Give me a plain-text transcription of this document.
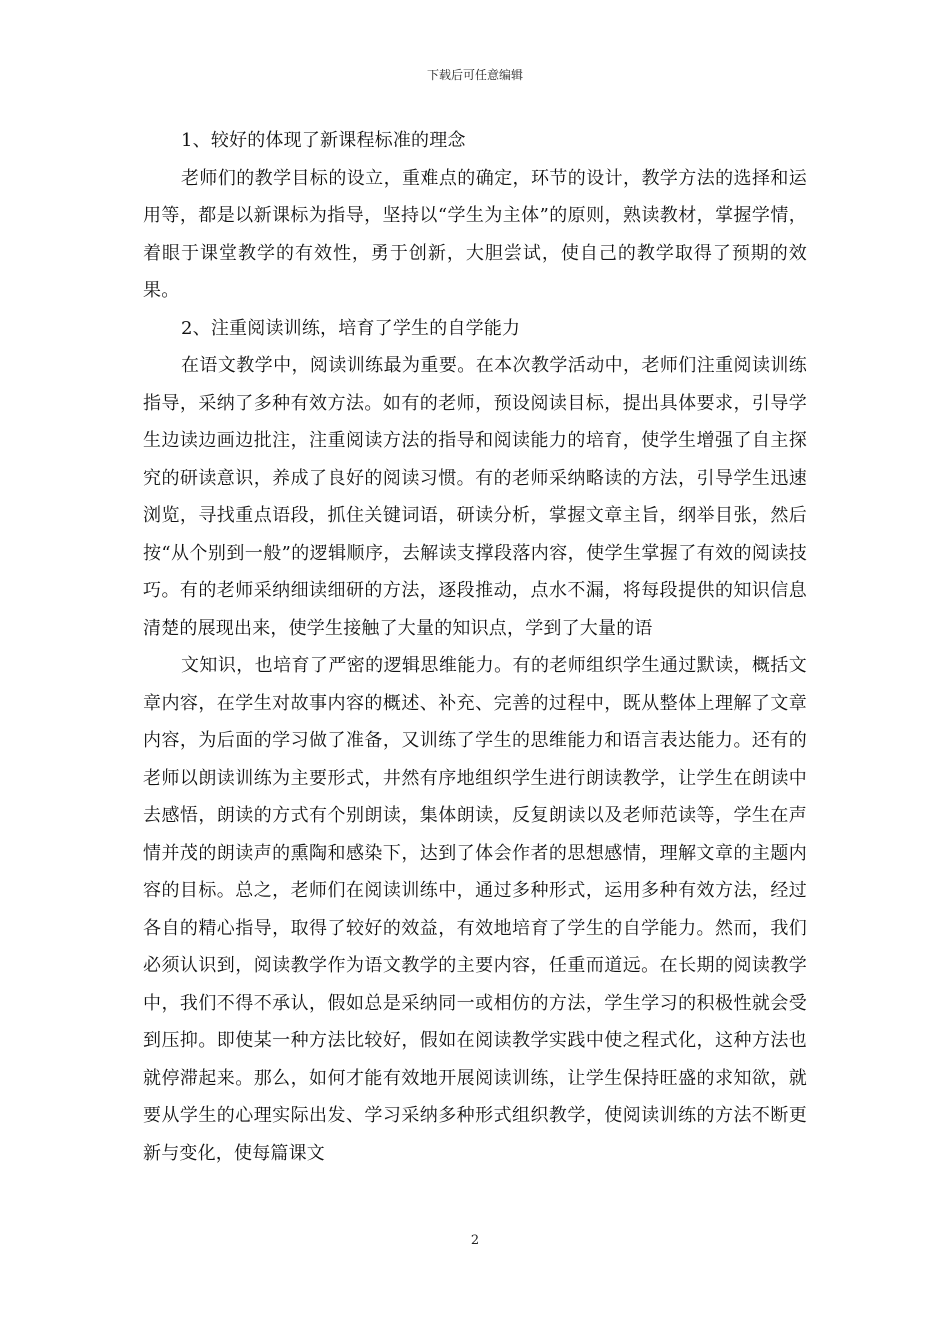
下载后可任意编辑

1、较好的体现了新课程标准的理念

老师们的教学目标的设立，重难点的确定，环节的设计，教学方法的选择和运用等，都是以新课标为指导，坚持以“学生为主体”的原则，熟读教材，掌握学情，着眼于课堂教学的有效性，勇于创新，大胆尝试，使自己的教学取得了预期的效果。

2、注重阅读训练，培育了学生的自学能力

在语文教学中，阅读训练最为重要。在本次教学活动中，老师们注重阅读训练指导，采纳了多种有效方法。如有的老师，预设阅读目标，提出具体要求，引导学生边读边画边批注，注重阅读方法的指导和阅读能力的培育，使学生增强了自主探究的研读意识，养成了良好的阅读习惯。有的老师采纳略读的方法，引导学生迅速浏览，寻找重点语段，抓住关键词语，研读分析，掌握文章主旨，纲举目张，然后按“从个别到一般”的逻辑顺序，去解读支撑段落内容，使学生掌握了有效的阅读技巧。有的老师采纳细读细研的方法，逐段推动，点水不漏，将每段提供的知识信息清楚的展现出来，使学生接触了大量的知识点，学到了大量的语

文知识，也培育了严密的逻辑思维能力。有的老师组织学生通过默读，概括文章内容，在学生对故事内容的概述、补充、完善的过程中，既从整体上理解了文章内容，为后面的学习做了准备，又训练了学生的思维能力和语言表达能力。还有的老师以朗读训练为主要形式，井然有序地组织学生进行朗读教学，让学生在朗读中去感悟，朗读的方式有个别朗读，集体朗读，反复朗读以及老师范读等，学生在声情并茂的朗读声的熏陶和感染下，达到了体会作者的思想感情，理解文章的主题内容的目标。总之，老师们在阅读训练中，通过多种形式，运用多种有效方法，经过各自的精心指导，取得了较好的效益，有效地培育了学生的自学能力。然而，我们必须认识到，阅读教学作为语文教学的主要内容，任重而道远。在长期的阅读教学中，我们不得不承认，假如总是采纳同一或相仿的方法，学生学习的积极性就会受到压抑。即使某一种方法比较好，假如在阅读教学实践中使之程式化，这种方法也就停滞起来。那么，如何才能有效地开展阅读训练，让学生保持旺盛的求知欲，就要从学生的心理实际出发、学习采纳多种形式组织教学，使阅读训练的方法不断更新与变化，使每篇课文

2
